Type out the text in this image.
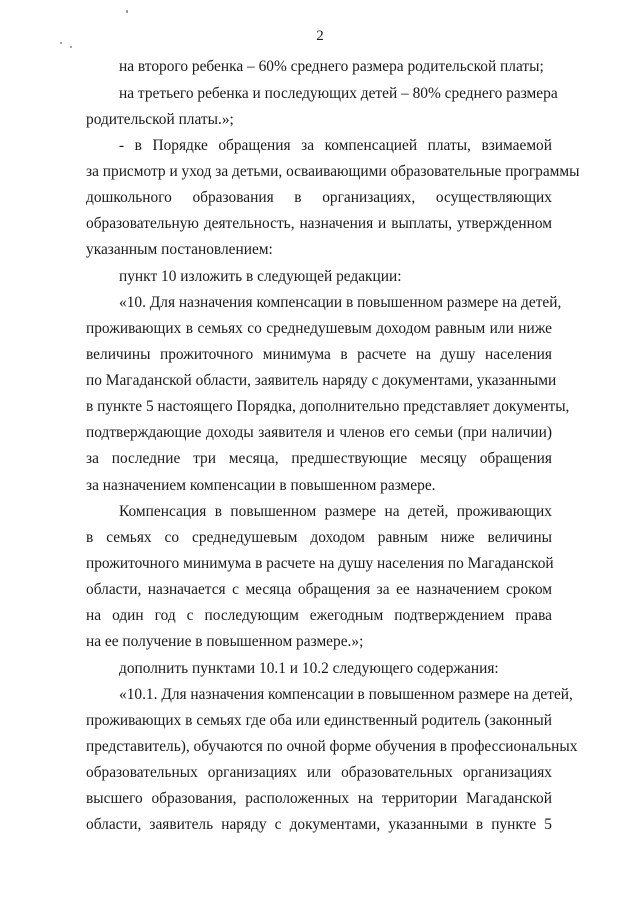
2
на второго ребенка – 60% среднего размера родительской платы;
на третьего ребенка и последующих детей – 80% среднего размера
родительской платы.»;
- в Порядке обращения за компенсацией платы, взимаемой
за присмотр и уход за детьми, осваивающими образовательные программы
дошкольного образования в организациях, осуществляющих
образовательную деятельность, назначения и выплаты, утвержденном
указанным постановлением:
пункт 10 изложить в следующей редакции:
«10. Для назначения компенсации в повышенном размере на детей,
проживающих в семьях со среднедушевым доходом равным или ниже
величины прожиточного минимума в расчете на душу населения
по Магаданской области, заявитель наряду с документами, указанными
в пункте 5 настоящего Порядка, дополнительно представляет документы,
подтверждающие доходы заявителя и членов его семьи (при наличии)
за последние три месяца, предшествующие месяцу обращения
за назначением компенсации в повышенном размере.
Компенсация в повышенном размере на детей, проживающих
в семьях со среднедушевым доходом равным ниже величины
прожиточного минимума в расчете на душу населения по Магаданской
области, назначается с месяца обращения за ее назначением сроком
на один год с последующим ежегодным подтверждением права
на ее получение в повышенном размере.»;
дополнить пунктами 10.1 и 10.2 следующего содержания:
«10.1. Для назначения компенсации в повышенном размере на детей,
проживающих в семьях где оба или единственный родитель (законный
представитель), обучаются по очной форме обучения в профессиональных
образовательных организациях или образовательных организациях
высшего образования, расположенных на территории Магаданской
области, заявитель наряду с документами, указанными в пункте 5
